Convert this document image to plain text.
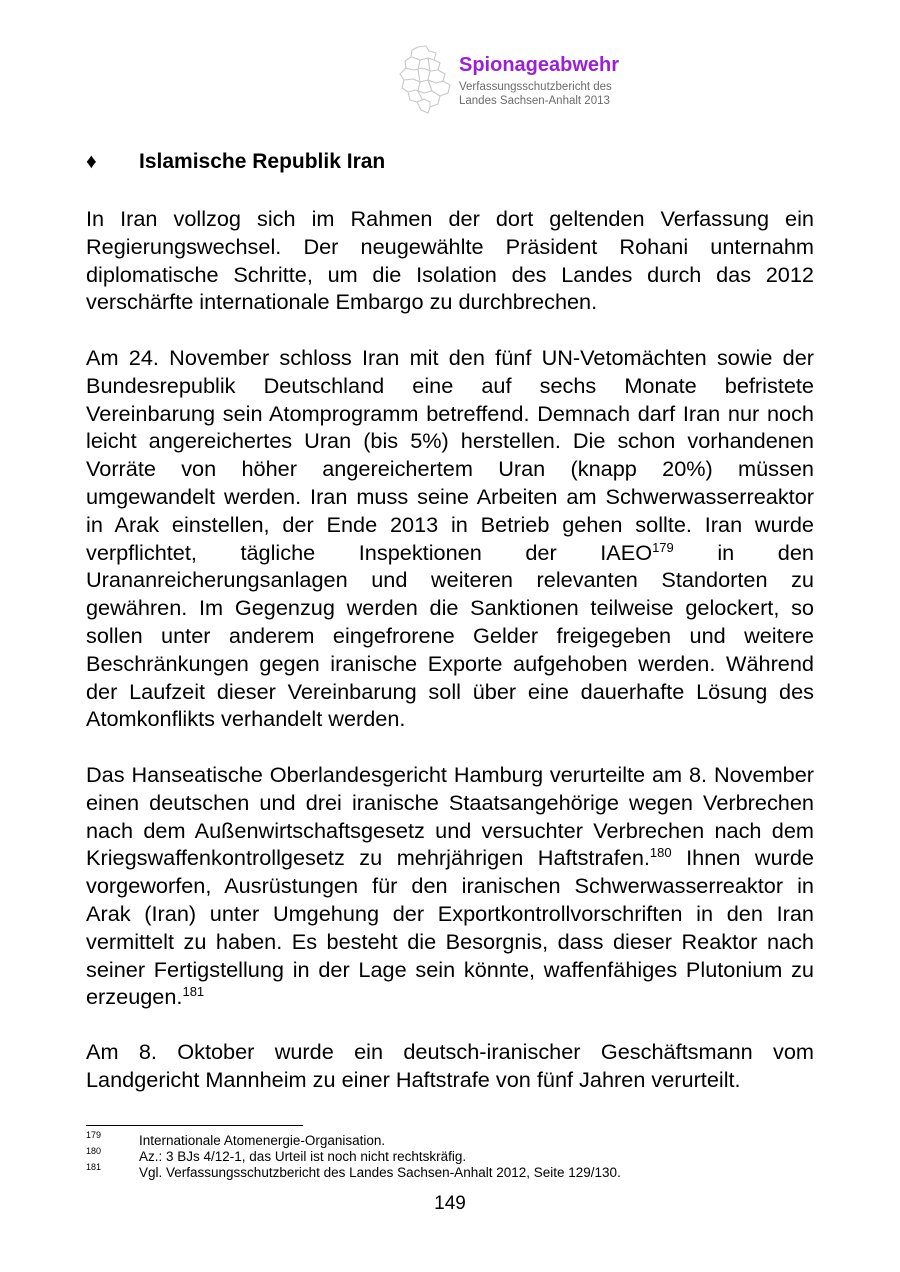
Spionageabwehr
Verfassungsschutzbericht des
Landes Sachsen-Anhalt 2013
♦ Islamische Republik Iran

In Iran vollzog sich im Rahmen der dort geltenden Verfassung ein Regierungswechsel. Der neugewählte Präsident Rohani unternahm diplomatische Schritte, um die Isolation des Landes durch das 2012 verschärfte internationale Embargo zu durchbrechen.

Am 24. November schloss Iran mit den fünf UN-Vetomächten sowie der Bundesrepublik Deutschland eine auf sechs Monate befristete Vereinbarung sein Atomprogramm betreffend. Demnach darf Iran nur noch leicht angereichertes Uran (bis 5%) herstellen. Die schon vorhandenen Vorräte von höher angereichertem Uran (knapp 20%) müssen umgewandelt werden. Iran muss seine Arbeiten am Schwerwasserreaktor in Arak einstellen, der Ende 2013 in Betrieb gehen sollte. Iran wurde verpflichtet, tägliche Inspektionen der IAEO$^{179}$ in den Urananreicherungsanlagen und weiteren relevanten Standorten zu gewähren. Im Gegenzug werden die Sanktionen teilweise gelockert, so sollen unter anderem eingefrorene Gelder freigegeben und weitere Beschränkungen gegen iranische Exporte aufgehoben werden. Während der Laufzeit dieser Vereinbarung soll über eine dauerhafte Lösung des Atomkonflikts verhandelt werden.

Das Hanseatische Oberlandesgericht Hamburg verurteilte am 8. November einen deutschen und drei iranische Staatsangehörige wegen Verbrechen nach dem Außenwirtschaftsgesetz und versuchter Verbrechen nach dem Kriegswaffenkontrollgesetz zu mehrjährigen Haftstrafen.$^{180}$ Ihnen wurde vorgeworfen, Ausrüstungen für den iranischen Schwerwasserreaktor in Arak (Iran) unter Umgehung der Exportkontrollvorschriften in den Iran vermittelt zu haben. Es besteht die Besorgnis, dass dieser Reaktor nach seiner Fertigstellung in der Lage sein könnte, waffenfähiges Plutonium zu erzeugen.$^{181}$

Am 8. Oktober wurde ein deutsch-iranischer Geschäftsmann vom Landgericht Mannheim zu einer Haftstrafe von fünf Jahren verurteilt.

179	Internationale Atomenergie-Organisation.
180	Az.: 3 BJs 4/12-1, das Urteil ist noch nicht rechtskräfig.
181	Vgl. Verfassungsschutzbericht des Landes Sachsen-Anhalt 2012, Seite 129/130.
149
